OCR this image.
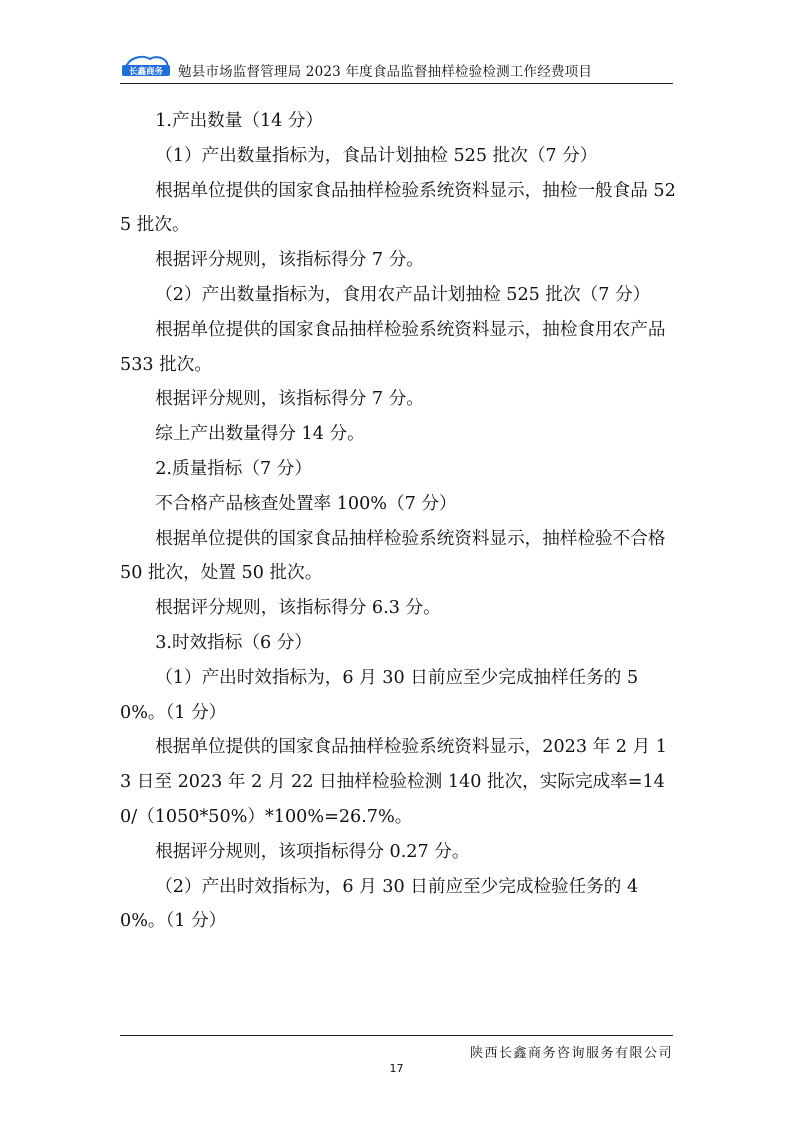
长鑫商务 勉县市场监督管理局 2023 年度食品监督抽样检验检测工作经费项目

1.产出数量（14 分）

（1）产出数量指标为，食品计划抽检 525 批次（7 分）

根据单位提供的国家食品抽样检验系统资料显示，抽检一般食品 525 批次。

根据评分规则，该指标得分 7 分。

（2）产出数量指标为，食用农产品计划抽检 525 批次（7 分）

根据单位提供的国家食品抽样检验系统资料显示，抽检食用农产品 533 批次。

根据评分规则，该指标得分 7 分。

综上产出数量得分 14 分。

2.质量指标（7 分）

不合格产品核查处置率 100%（7 分）

根据单位提供的国家食品抽样检验系统资料显示，抽样检验不合格 50 批次，处置 50 批次。

根据评分规则，该指标得分 6.3 分。

3.时效指标（6 分）

（1）产出时效指标为，6 月 30 日前应至少完成抽样任务的 50%。（1 分）

根据单位提供的国家食品抽样检验系统资料显示，2023 年 2 月 13 日至 2023 年 2 月 22 日抽样检验检测 140 批次，实际完成率=140/（1050*50%）*100%=26.7%。

根据评分规则，该项指标得分 0.27 分。

（2）产出时效指标为，6 月 30 日前应至少完成检验任务的 40%。（1 分）

陕西长鑫商务咨询服务有限公司
17
